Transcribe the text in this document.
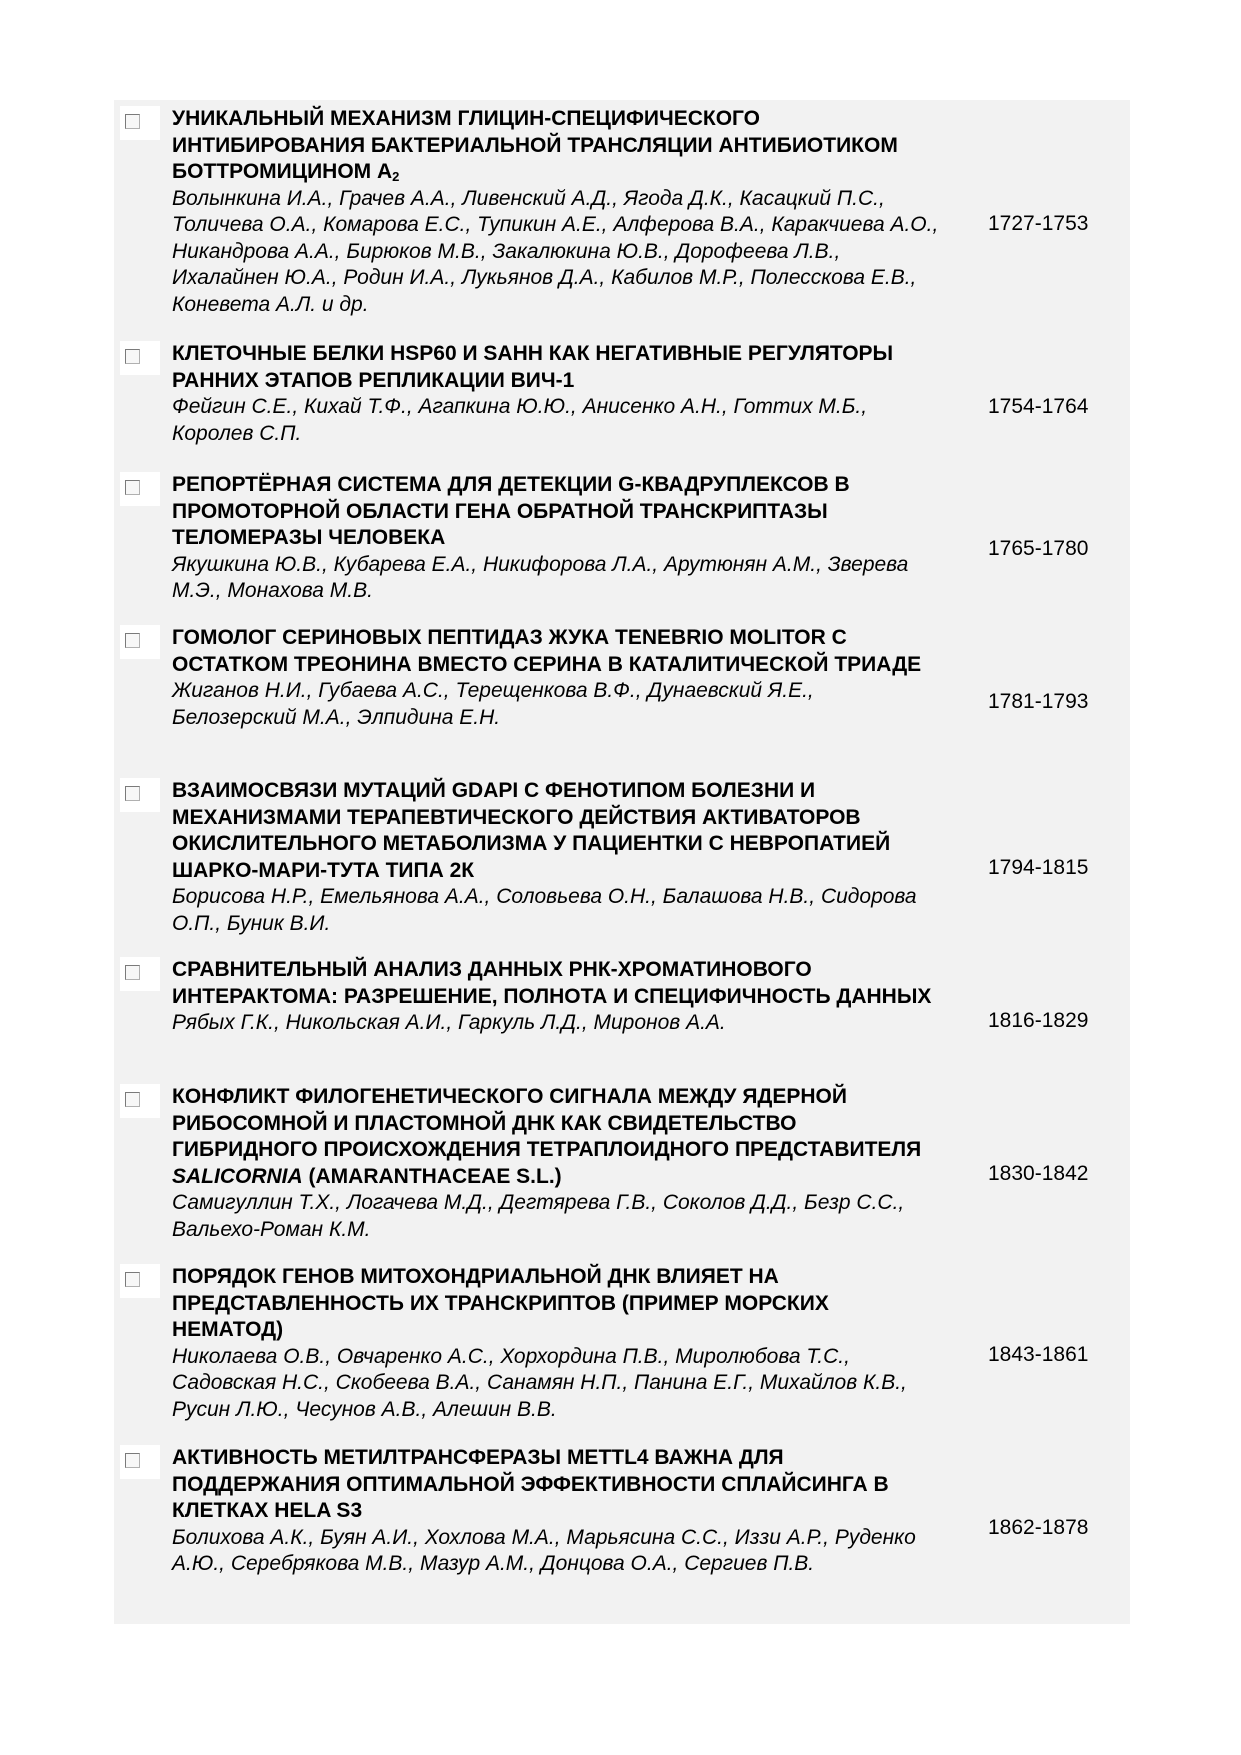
УНИКАЛЬНЫЙ МЕХАНИЗМ ГЛИЦИН-СПЕЦИФИЧЕСКОГО ИНТИБИРОВАНИЯ БАКТЕРИАЛЬНОЙ ТРАНСЛЯЦИИ АНТИБИОТИКОМ БОТТРОМИЦИНОМ $А_2$

Волынкина И.А., Грачев А.А., Ливенский А.Д., Ягода Д.К., Касацкий П.С., Толичева О.А., Комарова Е.С., Тупикин А.Е., Алферова В.А., Каракчиева А.О., Никандрова А.А., Бирюков М.В., Закалюкина Ю.В., Дорофеева Л.В., Ихалайнен Ю.А., Родин И.А., Лукьянов Д.А., Кабилов М.Р., Полесскова Е.В., Коневета А.Л. и др.

1727-1753

КЛЕТОЧНЫЕ БЕЛКИ HSP60 И SAHH КАК НЕГАТИВНЫЕ РЕГУЛЯТОРЫ РАННИХ ЭТАПОВ РЕПЛИКАЦИИ ВИЧ-1

Фейгин С.Е., Кихай Т.Ф., Агапкина Ю.Ю., Анисенко А.Н., Готтих М.Б., Королев С.П.

1754-1764

РЕПОРТЁРНАЯ СИСТЕМА ДЛЯ ДЕТЕКЦИИ G-КВАДРУПЛЕКСОВ В ПРОМОТОРНОЙ ОБЛАСТИ ГЕНА ОБРАТНОЙ ТРАНСКРИПТАЗЫ ТЕЛОМЕРАЗЫ ЧЕЛОВЕКА

Якушкина Ю.В., Кубарева Е.А., Никифорова Л.А., Арутюнян А.М., Зверева М.Э., Монахова М.В.

1765-1780

ГОМОЛОГ СЕРИНОВЫХ ПЕПТИДАЗ ЖУКА TENEBRIO MOLITOR С ОСТАТКОМ ТРЕОНИНА ВМЕСТО СЕРИНА В КАТАЛИТИЧЕСКОЙ ТРИАДЕ

Жиганов Н.И., Губаева А.С., Терещенкова В.Ф., Дунаевский Я.Е., Белозерский М.А., Элпидина Е.Н.

1781-1793

ВЗАИМОСВЯЗИ МУТАЦИЙ GDAPI С ФЕНОТИПОМ БОЛЕЗНИ И МЕХАНИЗМАМИ ТЕРАПЕВТИЧЕСКОГО ДЕЙСТВИЯ АКТИВАТОРОВ ОКИСЛИТЕЛЬНОГО МЕТАБОЛИЗМА У ПАЦИЕНТКИ С НЕВРОПАТИЕЙ ШАРКО-МАРИ-ТУТА ТИПА 2К

Борисова Н.Р., Емельянова А.А., Соловьева О.Н., Балашова Н.В., Сидорова О.П., Буник В.И.

1794-1815

СРАВНИТЕЛЬНЫЙ АНАЛИЗ ДАННЫХ РНК-ХРОМАТИНОВОГО ИНТЕРАКТОМА: РАЗРЕШЕНИЕ, ПОЛНОТА И СПЕЦИФИЧНОСТЬ ДАННЫХ

Рябых Г.К., Никольская А.И., Гаркуль Л.Д., Миронов А.А.	1816-1829

КОНФЛИКТ ФИЛОГЕНЕТИЧЕСКОГО СИГНАЛА МЕЖДУ ЯДЕРНОЙ РИБОСОМНОЙ И ПЛАСТОМНОЙ ДНК КАК СВИДЕТЕЛЬСТВО ГИБРИДНОГО ПРОИСХОЖДЕНИЯ ТЕТРАПЛОИДНОГО ПРЕДСТАВИТЕЛЯ SALICORNIA (AMARANTHACEAE S.L.)

Самигуллин Т.Х., Логачева М.Д., Дегтярева Г.В., Соколов Д.Д., Безр С.С., Вальехо-Роман К.М.

1830-1842

ПОРЯДОК ГЕНОВ МИТОХОНДРИАЛЬНОЙ ДНК ВЛИЯЕТ НА ПРЕДСТАВЛЕННОСТЬ ИХ ТРАНСКРИПТОВ (ПРИМЕР МОРСКИХ НЕМАТОД)

Николаева О.В., Овчаренко А.С., Хорхордина П.В., Миролюбова Т.С., Садовская Н.С., Скобеева В.А., Санамян Н.П., Панина Е.Г., Михайлов К.В., Русин Л.Ю., Чесунов А.В., Алешин В.В.

1843-1861

АКТИВНОСТЬ МЕТИЛТРАНСФЕРАЗЫ METTL4 ВАЖНА ДЛЯ ПОДДЕРЖАНИЯ ОПТИМАЛЬНОЙ ЭФФЕКТИВНОСТИ СПЛАЙСИНГА В КЛЕТКАХ HELA S3

Болихова А.К., Буян А.И., Хохлова М.А., Марьясина С.С., Иззи А.Р., Руденко А.Ю., Серебрякова М.В., Мазур А.М., Донцова О.А., Сергиев П.В.

1862-1878
